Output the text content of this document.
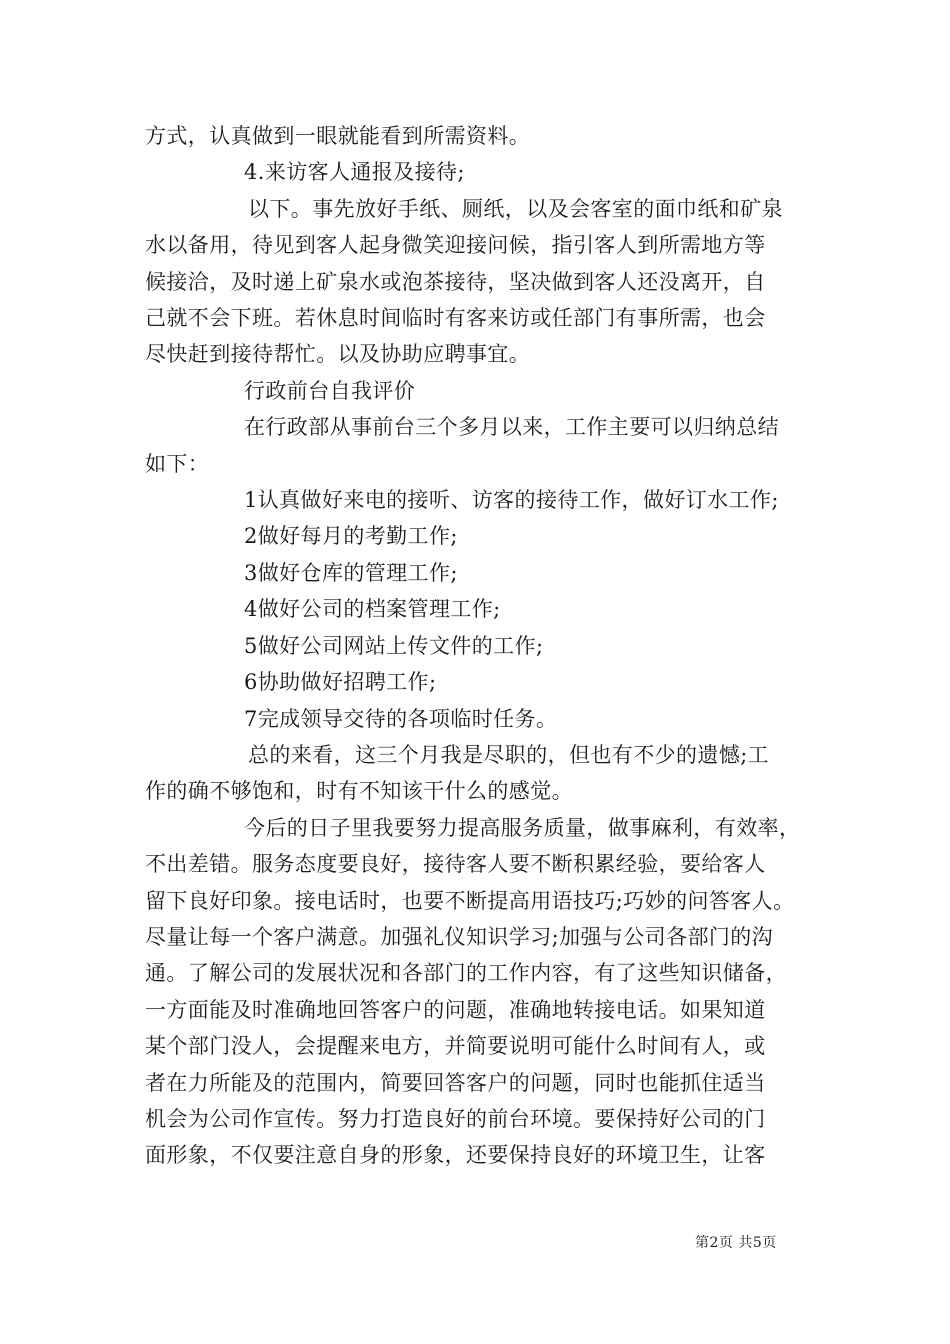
方式，认真做到一眼就能看到所需资料。

4.来访客人通报及接待;

以下。事先放好手纸、厕纸，以及会客室的面巾纸和矿泉

水以备用，待见到客人起身微笑迎接问候，指引客人到所需地方等

候接洽，及时递上矿泉水或泡茶接待，坚决做到客人还没离开，自

己就不会下班。若休息时间临时有客来访或任部门有事所需，也会

尽快赶到接待帮忙。以及协助应聘事宜。

行政前台自我评价

在行政部从事前台三个多月以来，工作主要可以归纳总结

如下：

1认真做好来电的接听、访客的接待工作，做好订水工作;

2做好每月的考勤工作;

3做好仓库的管理工作;

4做好公司的档案管理工作;

5做好公司网站上传文件的工作;

6协助做好招聘工作;

7完成领导交待的各项临时任务。

总的来看，这三个月我是尽职的，但也有不少的遗憾;工

作的确不够饱和，时有不知该干什么的感觉。

今后的日子里我要努力提高服务质量，做事麻利，有效率，

不出差错。服务态度要良好，接待客人要不断积累经验，要给客人

留下良好印象。接电话时，也要不断提高用语技巧;巧妙的问答客人。

尽量让每一个客户满意。加强礼仪知识学习;加强与公司各部门的沟

通。了解公司的发展状况和各部门的工作内容，有了这些知识储备，

一方面能及时准确地回答客户的问题，准确地转接电话。如果知道

某个部门没人，会提醒来电方，并简要说明可能什么时间有人，或

者在力所能及的范围内，简要回答客户的问题，同时也能抓住适当

机会为公司作宣传。努力打造良好的前台环境。要保持好公司的门

面形象，不仅要注意自身的形象，还要保持良好的环境卫生，让客

第2页 共5页
